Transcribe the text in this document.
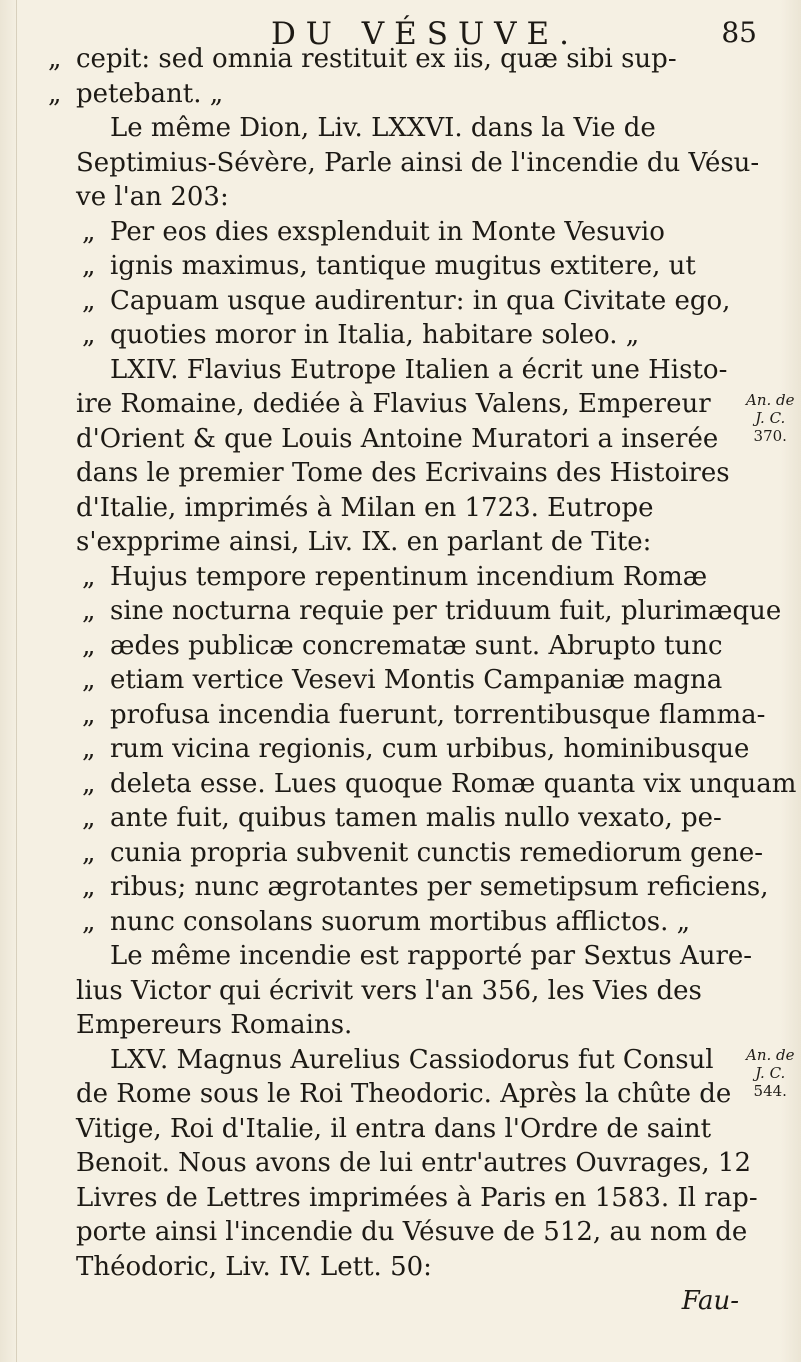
DU VÉSUVE.	85
„ cepit: sed omnia restituit ex iis, quæ sibi sup-
„ petebant. „
Le même Dion, Liv. LXXVI. dans la Vie de
Septimius-Sévère, Parle ainsi de l'incendie du Vésu-
ve l'an 203:
„ Per eos dies exsplenduit in Monte Vesuvio
„ ignis maximus, tantique mugitus extitere, ut
„ Capuam usque audirentur: in qua Civitate ego,
„ quoties moror in Italia, habitare soleo. „
LXIV. Flavius Eutrope Italien a écrit une Histo-
ire Romaine, dediée à Flavius Valens, Empereur
d'Orient & que Louis Antoine Muratori a inserée
dans le premier Tome des Ecrivains des Histoires
d'Italie, imprimés à Milan en 1723. Eutrope
s'expprime ainsi, Liv. IX. en parlant de Tite:
„ Hujus tempore repentinum incendium Romæ
„ sine nocturna requie per triduum fuit, plurimæque
„ ædes publicæ concrematæ sunt. Abrupto tunc
„ etiam vertice Vesevi Montis Campaniæ magna
„ profusa incendia fuerunt, torrentibusque flamma-
„ rum vicina regionis, cum urbibus, hominibusque
„ deleta esse. Lues quoque Romæ quanta vix unquam
„ ante fuit, quibus tamen malis nullo vexato, pe-
„ cunia propria subvenit cunctis remediorum gene-
„ ribus; nunc ægrotantes per semetipsum reficiens,
„ nunc consolans suorum mortibus afflictos. „
Le même incendie est rapporté par Sextus Aure-
lius Victor qui écrivit vers l'an 356, les Vies des
Empereurs Romains.
LXV. Magnus Aurelius Cassiodorus fut Consul
de Rome sous le Roi Theodoric. Après la chûte de
Vitige, Roi d'Italie, il entra dans l'Ordre de saint
Benoit. Nous avons de lui entr'autres Ouvrages, 12
Livres de Lettres imprimées à Paris en 1583. Il rap-
porte ainsi l'incendie du Vésuve de 512, au nom de
Théodoric, Liv. IV. Lett. 50:
Fau-
An. de
J. C.
370.
An. de
J. C.
544.
